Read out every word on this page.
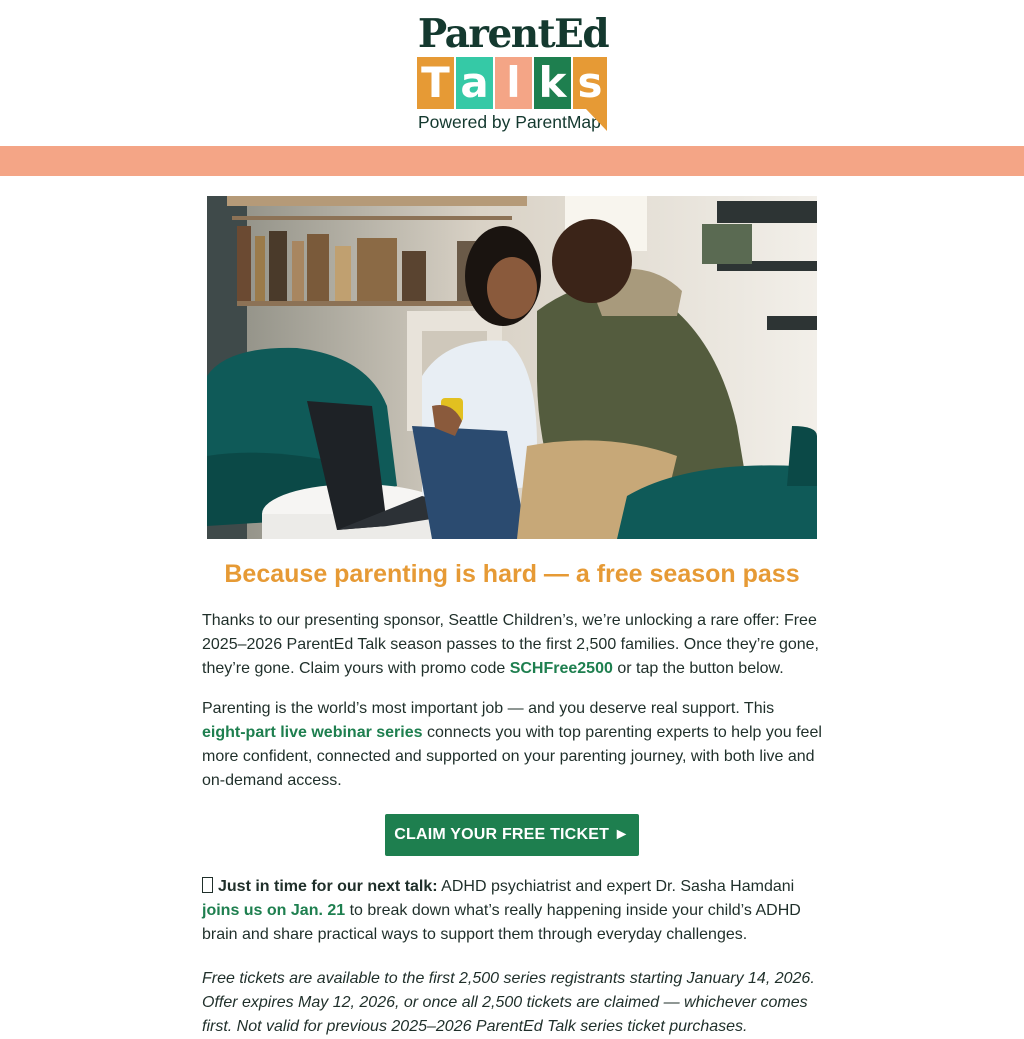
ParentEd
T a l k s
Powered by ParentMap
Because parenting is hard — a free season pass

Thanks to our presenting sponsor, Seattle Children’s, we’re unlocking a rare offer: Free 2025–2026 ParentEd Talk season passes to the first 2,500 families. Once they’re gone, they’re gone. Claim yours with promo code SCHFree2500 or tap the button below.

Parenting is the world’s most important job — and you deserve real support. This eight-part live webinar series connects you with top parenting experts to help you feel more confident, connected and supported on your parenting journey, with both live and on-demand access.

CLAIM YOUR FREE TICKET ►

Just in time for our next talk: ADHD psychiatrist and expert Dr. Sasha Hamdani joins us on Jan. 21 to break down what’s really happening inside your child’s ADHD brain and share practical ways to support them through everyday challenges.

Free tickets are available to the first 2,500 series registrants starting January 14, 2026. Offer expires May 12, 2026, or once all 2,500 tickets are claimed — whichever comes first. Not valid for previous 2025–2026 ParentEd Talk series ticket purchases.
